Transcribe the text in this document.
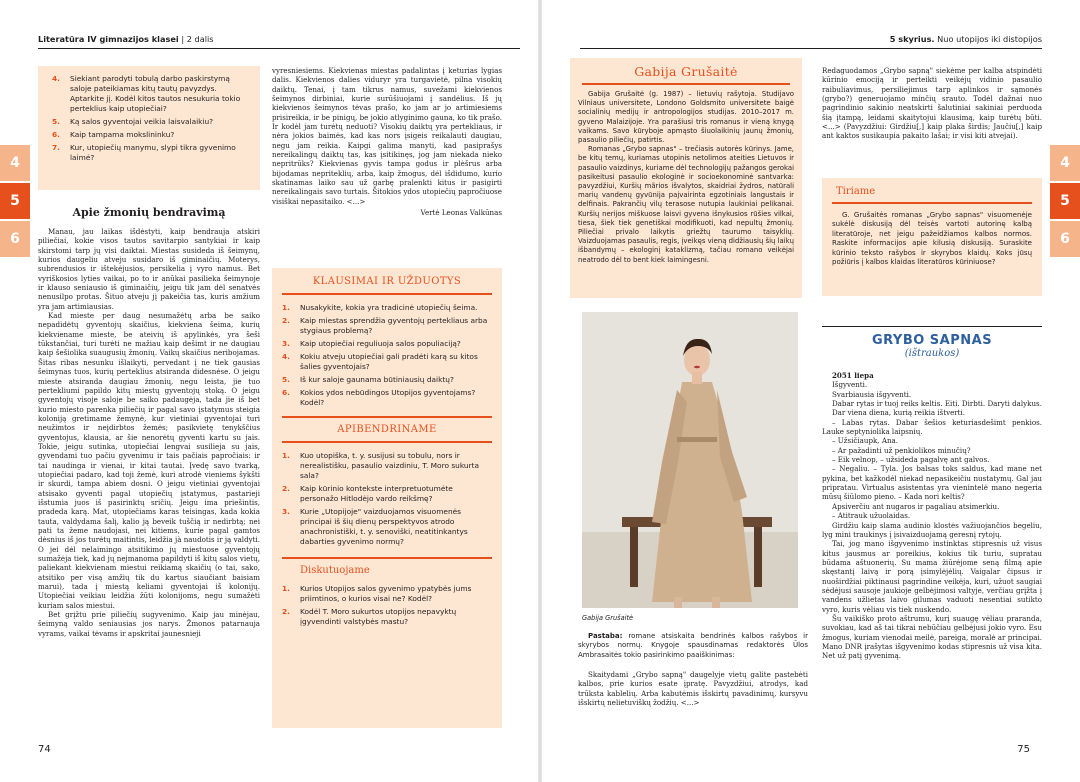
Literatūra IV gimnazijos klasei | 2 dalis
4
5
6
4.	Siekiant parodyti tobulą darbo paskirstymą saloje pateikiamas kitų tautų pavyzdys. Aptarkite jį. Kodėl kitos tautos nesukuria tokio perteklius kaip utopiečiai?
5.	Ką salos gyventojai veikia laisvalaikiu?
6.	Kaip tampama mokslininku?
7.	Kur, utopiečių manymu, slypi tikra gyvenimo laimė?
Apie žmonių bendravimą

Manau, jau laikas išdėstyti, kaip bendrauja atskiri piliečiai, kokie visos tautos savitarpio santykiai ir kaip skirstomi tarp jų visi daiktai. Miestas susideda iš šeimynų, kurios daugeliu atveju susidaro iš giminaičių. Moterys, subrendusios ir ištekėjusios, persikelia į vyro namus. Bet vyriškosios lyties vaikai, po to ir anūkai pasilieka šeimynoje ir klauso seniausio iš giminaičių, jeigu tik jam dėl senatvės nenusilpo protas. Šituo atveju jį pakeičia tas, kuris amžium yra jam artimiausias.

Kad mieste per daug nesumažėtų arba be saiko nepadidėtų gyventojų skaičius, kiekviena šeima, kurių kiekviename mieste, be ateivių iš apylinkės, yra šeši tūkstančiai, turi turėti ne mažiau kaip dešimt ir ne daugiau kaip šešiolika suaugusių žmonių. Vaikų skaičius neribojamas. Šitas ribas nesunku išlaikyti, pervedant į ne tiek gausias šeimynas tuos, kurių perteklius atsiranda didesnėse. O jeigu mieste atsiranda daugiau žmonių, negu leista, jie tuo pertekliumi papildo kitų miestų gyventojų stoką. O jeigu gyventojų visoje saloje be saiko padaugėja, tada jie iš bet kurio miesto parenka piliečių ir pagal savo įstatymus steigia koloniją gretimame žemynė, kur vietiniai gyventojai turi neužimtos ir neįdirbtos žemės; pasikvietę tenykščius gyventojus, klausia, ar šie nenorėtų gyventi kartu su jais. Tokie, jeigu sutinka, utopiečiai lengvai susilieja su jais, gyvendami tuo pačiu gyvenimu ir tais pačiais papročiais: ir tai naudinga ir vienai, ir kitai tautai. Įvedę savo tvarką, utopiečiai padaro, kad toji žemė, kuri atrodė vieniems šykšti ir skurdi, tampa abiem dosni. O jeigu vietiniai gyventojai atsisako gyventi pagal utopiečių įstatymus, pastarieji išstumia juos iš pasirinktų sričių. Jeigu ima priešintis, pradeda karą. Mat, utopiečiams karas teisingas, kada kokia tauta, valdydama šalį, kalio ją beveik tuščią ir nedirbtą; nei pati ta žeme naudojasi, nei kitiems, kurie pagal gamtos dėsnius iš jos turėtų maitintis, leidžia jà naudotis ir ją valdyti. O jei dėl nelaimingo atsitikimo jų miestuose gyventojų sumažėja tiek, kad jų nejmanoma papildyti iš kitų salos vietų, paliekant kiekvienam miestui reikiamą skaičių (o tai, sako, atsitiko per visą amžių tik du kartus siaučiant baisiam marui), tada į miestą keliami gyventojai iš kolonijų. Utopiečiai veikiau leidžia žūti kolonijoms, negu sumažėti kuriam salos miestui.

Bet grįžtu prie piliečių sugyvenimo. Kaip jau minėjau, šeimyną valdo seniausias jos narys. Žmonos patarnauja vyrams, vaikai tėvams ir apskritai jaunesnieji

vyresniesiems. Kiekvienas miestas padalintas į keturias lygias dalis. Kiekvienos dalies viduryr yra turgavietė, pilna visokių daiktų. Tenai, į tam tikrus namus, suvežami kiekvienos šeimynos dirbiniai, kurie surūšiuojami į sandėlius. Iš jų kiekvienos šeimynos tėvas prašo, ko jam ar jo artimiesiems prisireikia, ir be pinigų, be jokio atlyginimo gauna, ko tik prašo. Ir kodėl jam turėtų neduoti? Visokių daiktų yra pertekliaus, ir nėra jokios baimės, kad kas nors įsigeis reikalauti daugiau, negu jam reikia. Kaipgi galima manyti, kad pasiprašys nereikalingų daiktų tas, kas įsitikinęs, jog jam niekada nieko nepritrūks? Kiekvienas gyvis tampa godus ir plėšrus arba bijodamas nepriteklių, arba, kaip žmogus, dėl išdidumo, kurio skatinamas laiko sau už garbę pralenkti kitus ir pasigirti nereikalingais savo turtais. Šitokios ydos utopiečių papročiuose visiškai nepasitaiko. <...>

Vertė Leonas Valkūnas
KLAUSIMAI IR UŽDUOTYS
1.	Nusakykite, kokia yra tradicinė utopiečių šeima.
2.	Kaip miestas sprendžia gyventojų pertekliaus arba stygiaus problemą?
3.	Kaip utopiečiai reguliuoja salos populiaciją?
4.	Kokiu atveju utopiečiai gali pradėti karą su kitos šalies gyventojais?
5.	Iš kur saloje gaunama būtiniausių daiktų?
6.	Kokios ydos nebūdingos Utopijos gyventojams? Kodėl?
APIBENDRINAME
1.	Kuo utopiška, t. y. susijusi su tobulu, nors ir nerealistišku, pasaulio vaizdiniu, T. Moro sukurta sala?
2.	Kaip kūrinio kontekste interpretuotumėte personažo Hitlodėjo vardo reikšmę?
3.	Kurie „Utopijoje" vaizduojamos visuomenės principai iš šių dienų perspektyvos atrodo anachronistiški, t. y. senoviški, neatitinkantys dabarties gyvenimo normų?
Diskutuojame
1.	Kurios Utopijos salos gyvenimo ypatybės jums priimtinos, o kurios visai ne? Kodėl?
2.	Kodėl T. Moro sukurtos utopijos nepavyktų įgyvendinti valstybės mastu?
74
5 skyrius. Nuo utopijos iki distopijos
4
5
6
Gabija Grušaitė

Gabija Grušaitė (g. 1987) – lietuvių rašytoja. Studijavo Vilniaus universitete, Londono Goldsmito universitete baigė socialinių medijų ir antropologijos studijas. 2010–2017 m. gyveno Malaizijoje. Yra parašiusi tris romanus ir vieną knygą vaikams. Savo kūryboje apmąsto šiuolaikinių jaunų žmonių, pasaulio piliečių, patirtis.

Romanas „Grybo sapnas" – trečiasis autorės kūrinys. Jame, be kitų temų, kuriamas utopinis netolimos ateities Lietuvos ir pasaulio vaizdinys, kuriame dėl technologijų pažangos gerokai pasikeitusi pasaulio ekologinė ir socioekonominė santvarka: pavyzdžiui, Kuršių mãrios išvalytos, skaidriai žydros, natūrali marių vandenų gyvūnija pajvairinta egzotiniais langustais ir delfinais. Pakrančių vilų terasose nutupia laukiniai pelikanai. Kuršių nerijos miškuose laisvi gyvena išnykusios rūšies vilkai, tiesa, šiek tiek genetiškai modifikuoti, kad nepultų žmonių. Piliečiai privalo laikytis griežtų taurumo taisyklių. Vaizduojamas pasaulis, regis, įveikęs vieną didžiausių šių laikų išbandymų – ekologinį kataklizmą, tačiau romano veikėjai neatrodo dėl to bent kiek laimingesni.

Gabija Grušaitė
Pastaba: romane atsiskaita bendrinės kalbos rašybos ir skyrybos normų. Knygoje spausdinamas redaktorės Ūlos Ambrasaitės tokio pasirinkimo paaiškinimas:

Skaitydami „Grybo sapną" daugelyje vietų galite pastebėti kalbos, prie kurios esate įpratę. Pavyzdžiui, atrodys, kad trūksta kablelių. Arba kabutėmis išskirtų pavadinimų, kursyvu išskirtų nelietuviškų žodžių. <...>

Redaguodamos „Grybo sapną" siekėme per kalba atspindėti kūrinio emociją ir perteikti veikėjų vidinio pasaulio raibuliavimus, persiliejimus tarp aplinkos ir sąmonės (grybo?) generuojamo minčių srauto. Todėl dažnai nuo pagrindinio sakinio neatskirti šalutiniai sakiniai perduoda šią įtampą, leidami skaitytojui klausimą, kaip turėtų būti. <...> (Pavyzdžiui: Girdžiu[,] kaip plaka širdis; Jaučiu[,] kaip ant kaktos susikaupia pakaito lašai; ir visi kiti atvejai).

Tiriame

G. Grušaitės romanas „Grybo sapnas" visuomenėje sukėlė diskusiją dėl teisės vartoti autorinę kalbą literatūroje, net jeigu pažeidžiamos kalbos normos. Raskite informacijos apie kilusią diskusiją. Suraskite kūrinio teksto rašybos ir skyrybos klaidų. Koks jūsų požiūris į kalbos klaidas literatūros kūriniuose?

GRYBO SAPNAS
(ištraukos)

2051 liepa

Išgyventi.

Svarbiausia išgyventi.

Dabar rytas ir tuoj reiks keltis. Eiti. Dirbti. Daryti dalykus.

Dar viena diena, kurią reikia ištverti.

– Labas rytas. Dabar šešios keturiasdešimt penkios. Lauke septyniolika laipsnių.

– Užsičiaupk, Ana.

– Ar pažadinti už penkiolikos minučių?

– Eik velnop, – užsideda pagalvę ant galvos.

– Negaliu. – Tyla. Jos balsas toks saldus, kad mane net pykina, bet kažkodėl niekad nepasikeičiu nustatymų. Gal jau pripratau. Virtualus asistentas yra vienintelė mano negeria mūsų šiūlomo pieno. – Kada nori keltis?

Apsiverčiu ant nugaros ir pagaliau atsimerkiu.

– Atitrauk užuolaidas.

Girdžiu kaip slama audinio klostės važiuojančios begeliu, lyg mini traukinys į įsivaizduojamą geresnį rytojų.

Tai, jog mano išgyvenimo instinktas stipresnis už visus kitus jausmus ar poreikius, kokius tik turiu, supratau būdama aštuonerių. Su mama žiūrėjome seną filmą apie skęstantį laivą ir porą įsimylėjėlių. Vaigalar čipsus ir nuoširdžiai piktinausi pagrindine veikėja, kuri, užuot saugiai sėdėjusi sausoje jaukioje gelbėjimosi valtyje, verčiau grįžta į vandens užlietas laivo gilumas vaduoti nesentiai sutikto vyro, kuris vėliau vis tiek nuskendo.

Šu vaikiško proto aštrumu, kurį suaugę vėliau praranda, suvokiau, kad aš tai tikrai nebūčiau gelbėjusi jokio vyro. Esu žmogus, kuriam vienodai meilė, pareiga, moralė ar principai. Mano DNR įrašytas išgyvenimo kodas stipresnis už visa kita. Net už patį gyvenimą.

75
